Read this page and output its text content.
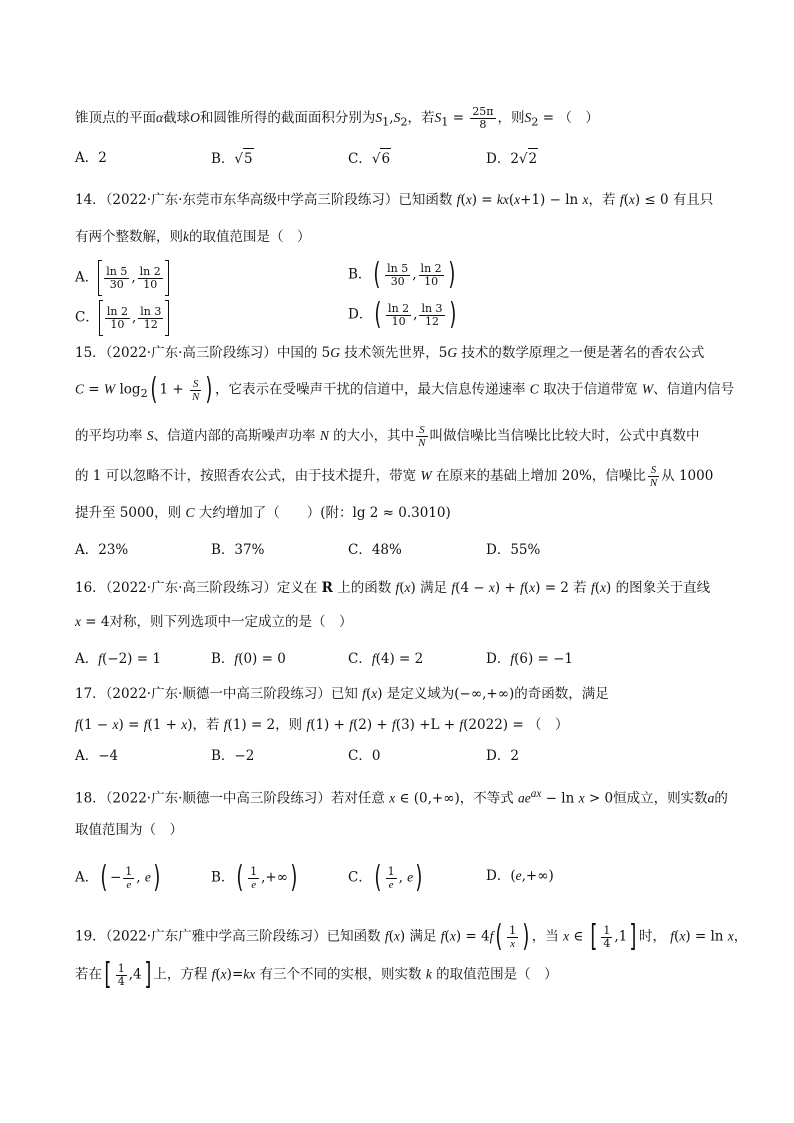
锥顶点的平面α截球O和圆锥所得的截面面积分别为$S_1,S_2$，若$S_1 = \frac{25\pi}{8}$ ，则$S_2$ = （　）
A．2	B．√5	C．√6	D．2√2
14．（2022·广东·东莞市东华高级中学高三阶段练习）已知函数 f(x) = kx(x+1) − ln x，若 f(x) ≤ 0 有且只
有两个整数解，则k的取值范围是（　）
A． $\frac{\ln 5}{30}$ , $\frac{\ln 2}{10}$	B．( $\frac{\ln 5}{30}$ , $\frac{\ln 2}{10}$ )
C． $\frac{\ln 2}{10}$ , $\frac{\ln 3}{12}$	D．( $\frac{\ln 2}{10}$ , $\frac{\ln 3}{12}$ )
15．（2022·广东·高三阶段练习）中国的 5G 技术领先世界，5G 技术的数学原理之一便是著名的香农公式
C = W $\log_2$( $1 + \frac{S}{N}$ ) ，它表示在受噪声干扰的信道中，最大信息传递速率 C 取决于信道带宽 W、信道内信号
的平均功率 S、信道内部的高斯噪声功率 N 的大小，其中 $\frac{S}{N}$ 叫做信噪比当信噪比比较大时，公式中真数中
的 1 可以忽略不计，按照香农公式，由于技术提升，带宽 W 在原来的基础上增加 20%，信噪比 $\frac{S}{N}$ 从 1000
提升至 5000，则 C 大约增加了（　　）(附：lg 2 ≈ 0.3010)
A．23%	B．37%	C．48%	D．55%
16．（2022·广东·高三阶段练习）定义在 R 上的函数 f(x) 满足 f(4 − x) + f(x) = 2 若 f(x) 的图象关于直线
x = 4对称，则下列选项中一定成立的是（　）
A．f(−2) = 1	B．f(0) = 0	C．f(4) = 2	D．f(6) = −1
17．（2022·广东·顺德一中高三阶段练习）已知 f(x) 是定义域为(−∞,+∞)的奇函数，满足
f(1 − x) = f(1 + x)，若 f(1) = 2，则 f(1) + f(2) + f(3) +L + f(2022) = （　）
A．−4	B．−2	C．0	D．2
18．（2022·广东·顺德一中高三阶段练习）若对任意 x ∈ (0,+∞)，不等式 $ae^{ax} - \ln x > 0$恒成立，则实数a的
取值范围为（　）
A．( − $\frac{1}{e}$ , e)	B．( $\frac{1}{e}$ ,+∞)	C．( $\frac{1}{e}$ , e)	D．(e,+∞)
19．（2022·广东广雅中学高三阶段练习）已知函数 f(x) 满足 $f(x) = 4f( \frac{1}{x}$ ) ，当 x ∈ [ $\frac{1}{4} ,1$] 时， f(x) = ln x，
若在[ $\frac{1}{4} ,4$] 上，方程 f(x)=kx 有三个不同的实根，则实数 k 的取值范围是（　）
